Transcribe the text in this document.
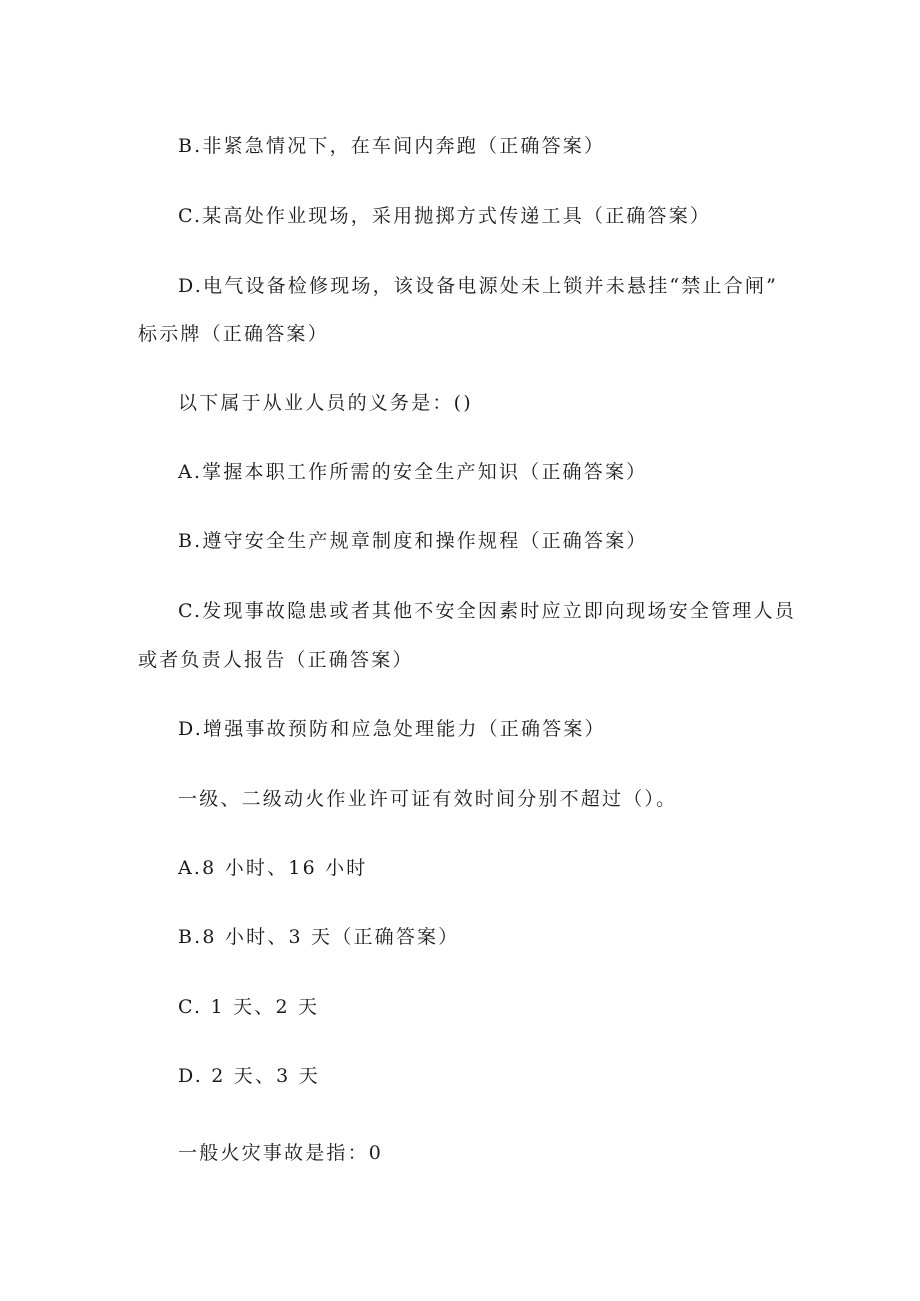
B.非紧急情况下，在车间内奔跑（正确答案）

C.某高处作业现场，采用抛掷方式传递工具（正确答案）

D.电气设备检修现场，该设备电源处未上锁并未悬挂“禁止合闸”

标示牌（正确答案）

以下属于从业人员的义务是：()

A.掌握本职工作所需的安全生产知识（正确答案）

B.遵守安全生产规章制度和操作规程（正确答案）

C.发现事故隐患或者其他不安全因素时应立即向现场安全管理人员

或者负责人报告（正确答案）

D.增强事故预防和应急处理能力（正确答案）

一级、二级动火作业许可证有效时间分别不超过（）。

A.8 小时、16 小时

B.8 小时、3 天（正确答案）

C. 1 天、2 天

D. 2 天、3 天

一般火灾事故是指：0
